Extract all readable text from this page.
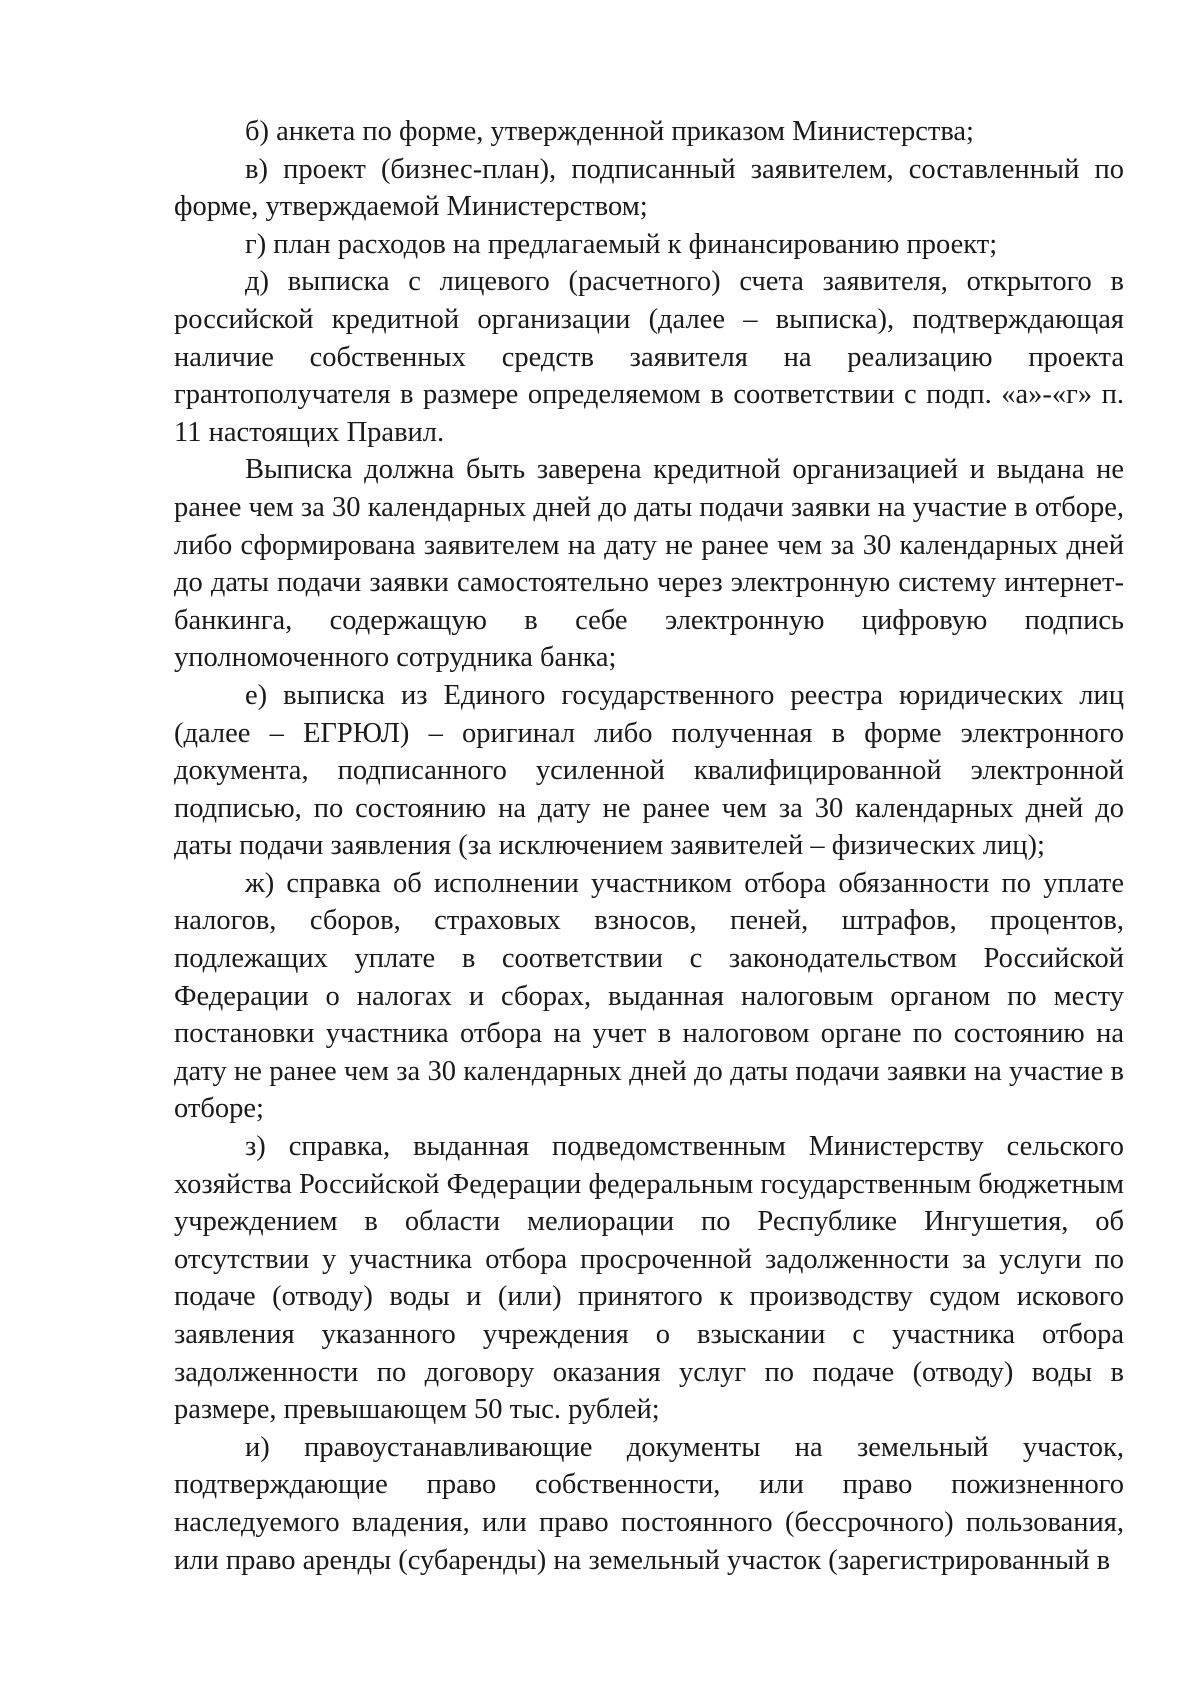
б) анкета по форме, утвержденной приказом Министерства;

в) проект (бизнес-план), подписанный заявителем, составленный по форме, утверждаемой Министерством;

г) план расходов на предлагаемый к финансированию проект;

д) выписка с лицевого (расчетного) счета заявителя, открытого в российской кредитной организации (далее – выписка), подтверждающая наличие собственных средств заявителя на реализацию проекта грантополучателя в размере определяемом в соответствии с подп. «а»-«г» п. 11 настоящих Правил.

Выписка должна быть заверена кредитной организацией и выдана не ранее чем за 30 календарных дней до даты подачи заявки на участие в отборе, либо сформирована заявителем на дату не ранее чем за 30 календарных дней до даты подачи заявки самостоятельно через электронную систему интернет-банкинга, содержащую в себе электронную цифровую подпись уполномоченного сотрудника банка;

е) выписка из Единого государственного реестра юридических лиц (далее – ЕГРЮЛ) – оригинал либо полученная в форме электронного документа, подписанного усиленной квалифицированной электронной подписью, по состоянию на дату не ранее чем за 30 календарных дней до даты подачи заявления (за исключением заявителей – физических лиц);

ж) справка об исполнении участником отбора обязанности по уплате налогов, сборов, страховых взносов, пеней, штрафов, процентов, подлежащих уплате в соответствии с законодательством Российской Федерации о налогах и сборах, выданная налоговым органом по месту постановки участника отбора на учет в налоговом органе по состоянию на дату не ранее чем за 30 календарных дней до даты подачи заявки на участие в отборе;

з) справка, выданная подведомственным Министерству сельского хозяйства Российской Федерации федеральным государственным бюджетным учреждением в области мелиорации по Республике Ингушетия, об отсутствии у участника отбора просроченной задолженности за услуги по подаче (отводу) воды и (или) принятого к производству судом искового заявления указанного учреждения о взыскании с участника отбора задолженности по договору оказания услуг по подаче (отводу) воды в размере, превышающем 50 тыс. рублей;

и) правоустанавливающие документы на земельный участок, подтверждающие право собственности, или право пожизненного наследуемого владения, или право постоянного (бессрочного) пользования, или право аренды (субаренды) на земельный участок (зарегистрированный в
